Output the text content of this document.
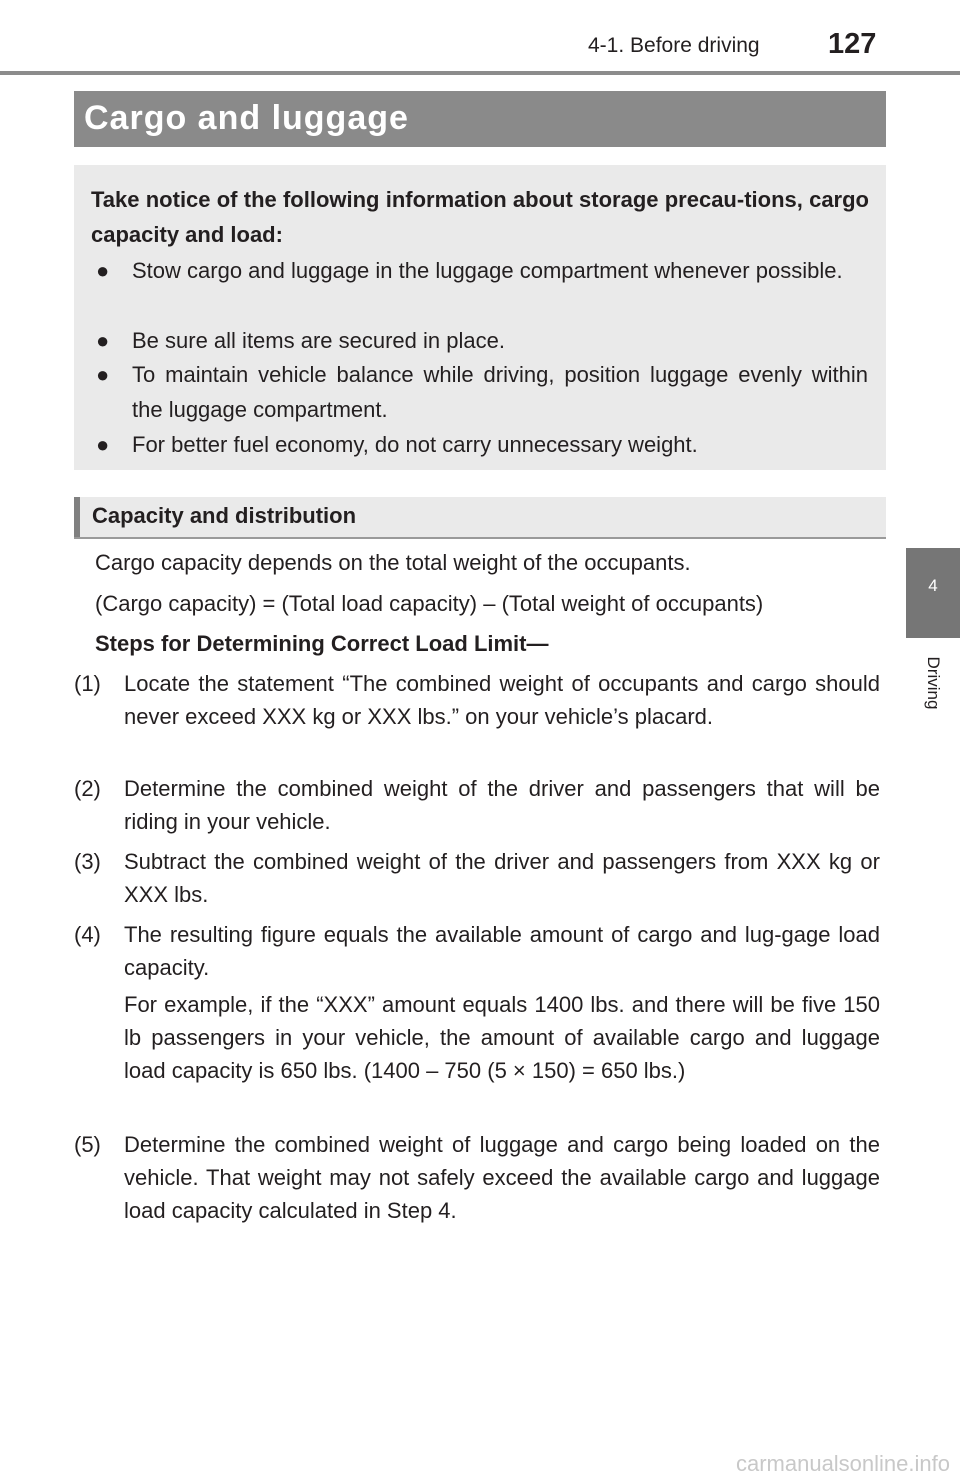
4-1. Before driving 127
4
Driving
Cargo and luggage
Take notice of the following information about storage precau-tions, cargo capacity and load:
● Stow cargo and luggage in the luggage compartment whenever possible.
● Be sure all items are secured in place.
● To maintain vehicle balance while driving, position luggage evenly within the luggage compartment.
● For better fuel economy, do not carry unnecessary weight.
Capacity and distribution
Cargo capacity depends on the total weight of the occupants.
(Cargo capacity) = (Total load capacity) – (Total weight of occupants)
Steps for Determining Correct Load Limit—
(1) Locate the statement “The combined weight of occupants and cargo should never exceed XXX kg or XXX lbs.” on your vehicle’s placard.
(2) Determine the combined weight of the driver and passengers that will be riding in your vehicle.
(3) Subtract the combined weight of the driver and passengers from XXX kg or XXX lbs.
(4) The resulting figure equals the available amount of cargo and lug-gage load capacity.
For example, if the “XXX” amount equals 1400 lbs. and there will be five 150 lb passengers in your vehicle, the amount of available cargo and luggage load capacity is 650 lbs. (1400 – 750 (5 × 150) = 650 lbs.)
(5) Determine the combined weight of luggage and cargo being loaded on the vehicle. That weight may not safely exceed the available cargo and luggage load capacity calculated in Step 4.
carmanualsonline.info
